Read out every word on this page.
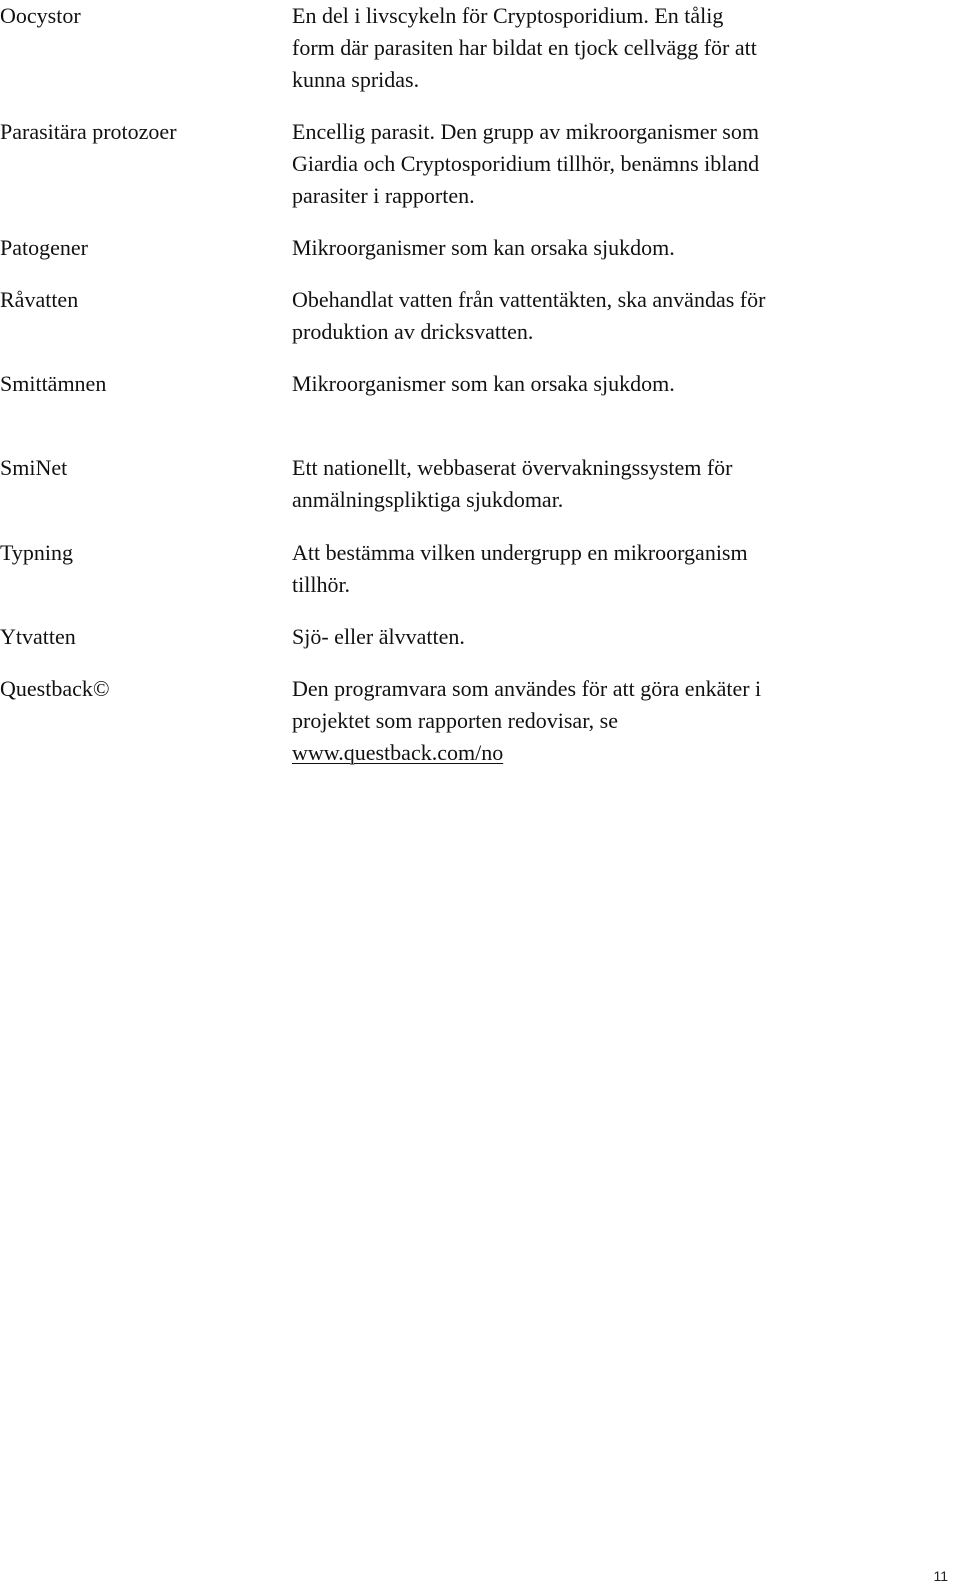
Oocystor	En del i livscykeln för Cryptosporidium. En tålig
form där parasiten har bildat en tjock cellvägg för att
kunna spridas.
Parasitära protozoer	Encellig parasit. Den grupp av mikroorganismer som
Giardia och Cryptosporidium tillhör, benämns ibland
parasiter i rapporten.
Patogener	Mikroorganismer som kan orsaka sjukdom.
Råvatten	Obehandlat vatten från vattentäkten, ska användas för
produktion av dricksvatten.
Smittämnen	Mikroorganismer som kan orsaka sjukdom.
SmiNet	Ett nationellt, webbaserat övervakningssystem för
anmälningspliktiga sjukdomar.
Typning	Att bestämma vilken undergrupp en mikroorganism
tillhör.
Ytvatten	Sjö- eller älvvatten.
Questback©	Den programvara som användes för att göra enkäter i
projektet som rapporten redovisar, se
www.questback.com/no
11
